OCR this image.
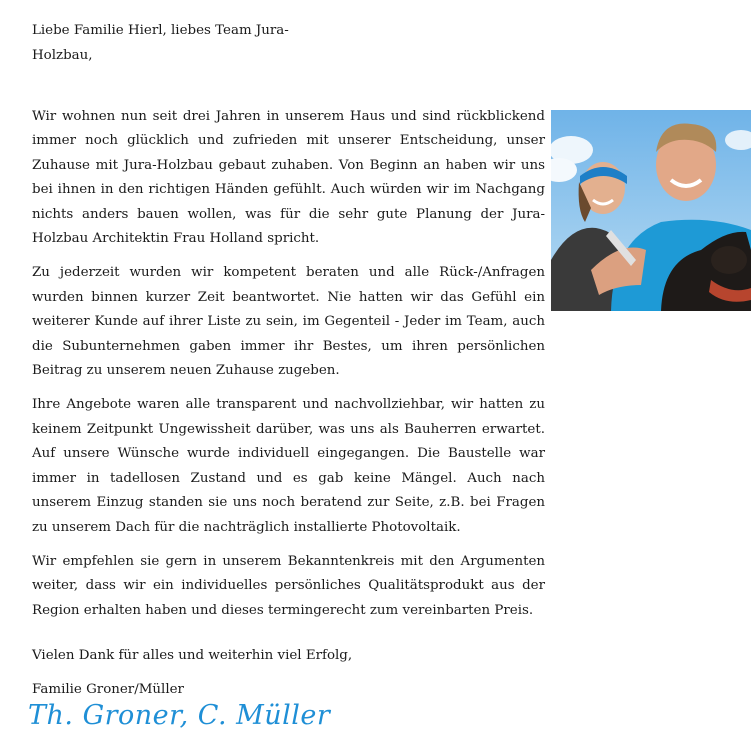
Liebe Familie Hierl, liebes Team Jura-
Holzbau,

Wir wohnen nun seit drei Jahren in unserem Haus und sind rückblickend immer noch glücklich und zufrieden mit unserer Entscheidung, unser Zuhause mit Jura-Holzbau gebaut zuhaben. Von Beginn an haben wir uns bei ihnen in den richtigen Händen gefühlt. Auch würden wir im Nachgang nichts anders bauen wollen, was für die sehr gute Planung der Jura-Holzbau Architektin Frau Holland spricht.

Zu jederzeit wurden wir kompetent beraten und alle Rück-/Anfragen wurden binnen kurzer Zeit beantwortet. Nie hatten wir das Gefühl ein weiterer Kunde auf ihrer Liste zu sein, im Gegenteil - Jeder im Team, auch die Subunternehmen gaben immer ihr Bestes, um ihren persönlichen Beitrag zu unserem neuen Zuhause zugeben.

Ihre Angebote waren alle transparent und nachvollziehbar, wir hatten zu keinem Zeitpunkt Ungewissheit darüber, was uns als Bauherren erwartet. Auf unsere Wünsche wurde individuell eingegangen. Die Baustelle war immer in tadellosen Zustand und es gab keine Mängel. Auch nach unserem Einzug standen sie uns noch beratend zur Seite, z.B. bei Fragen zu unserem Dach für die nachträglich installierte Photovoltaik.

Wir empfehlen sie gern in unserem Bekanntenkreis mit den Argumenten weiter, dass wir ein individuelles persönliches Qualitätsprodukt aus der Region erhalten haben und dieses termingerecht zum vereinbarten Preis.

Vielen Dank für alles und weiterhin viel Erfolg,
Familie Groner/Müller
Th. Groner, C. Müller
